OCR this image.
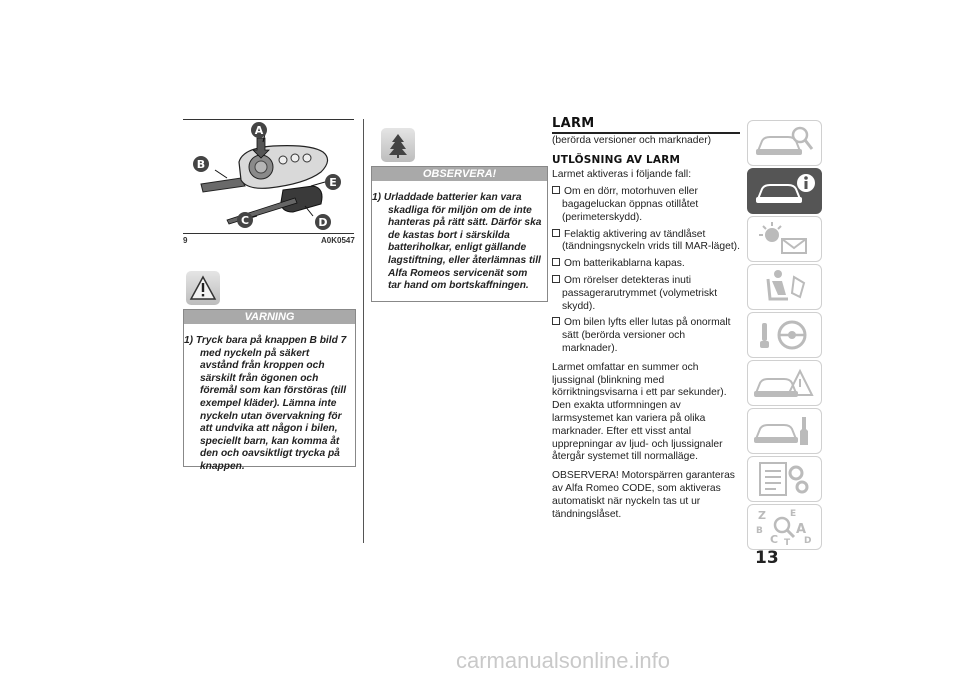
A
B
C	D
E
9	A0K0547
VARNING
1) Tryck bara på knappen B bild 7 med nyckeln på säkert avstånd från kroppen och särskilt från ögonen och föremål som kan förstöras (till exempel kläder). Lämna inte nyckeln utan övervakning för att undvika att någon i bilen, speciellt barn, kan komma åt den och oavsiktligt trycka på knappen.
OBSERVERA!
1) Urladdade batterier kan vara skadliga för miljön om de inte hanteras på rätt sätt. Därför ska de kastas bort i särskilda batteriholkar, enligt gällande lagstiftning, eller återlämnas till Alfa Romeos servicenät som tar hand om bortskaffningen.
LARM
(berörda versioner och marknader)
UTLÖSNING AV LARM
Larmet aktiveras i följande fall:
Om en dörr, motorhuven eller bagageluckan öppnas otillåtet (perimeterskydd).
Felaktig aktivering av tändlåset (tändningsnyckeln vrids till MAR-läget).
Om batterikablarna kapas.
Om rörelser detekteras inuti passagerarutrymmet (volymetriskt skydd).
Om bilen lyfts eller lutas på onormalt sätt (berörda versioner och marknader).
Larmet omfattar en summer och ljussignal (blinkning med körriktningsvisarna i ett par sekunder). Den exakta utformningen av larmsystemet kan variera på olika marknader. Efter ett visst antal upprepningar av ljud- och ljussignaler återgår systemet till normalläge.
OBSERVERA! Motorspärren garanteras av Alfa Romeo CODE, som aktiveras automatiskt när nyckeln tas ut ur tändningslåset.	Z	E
B	A
C T D
13
carmanualsonline.info
